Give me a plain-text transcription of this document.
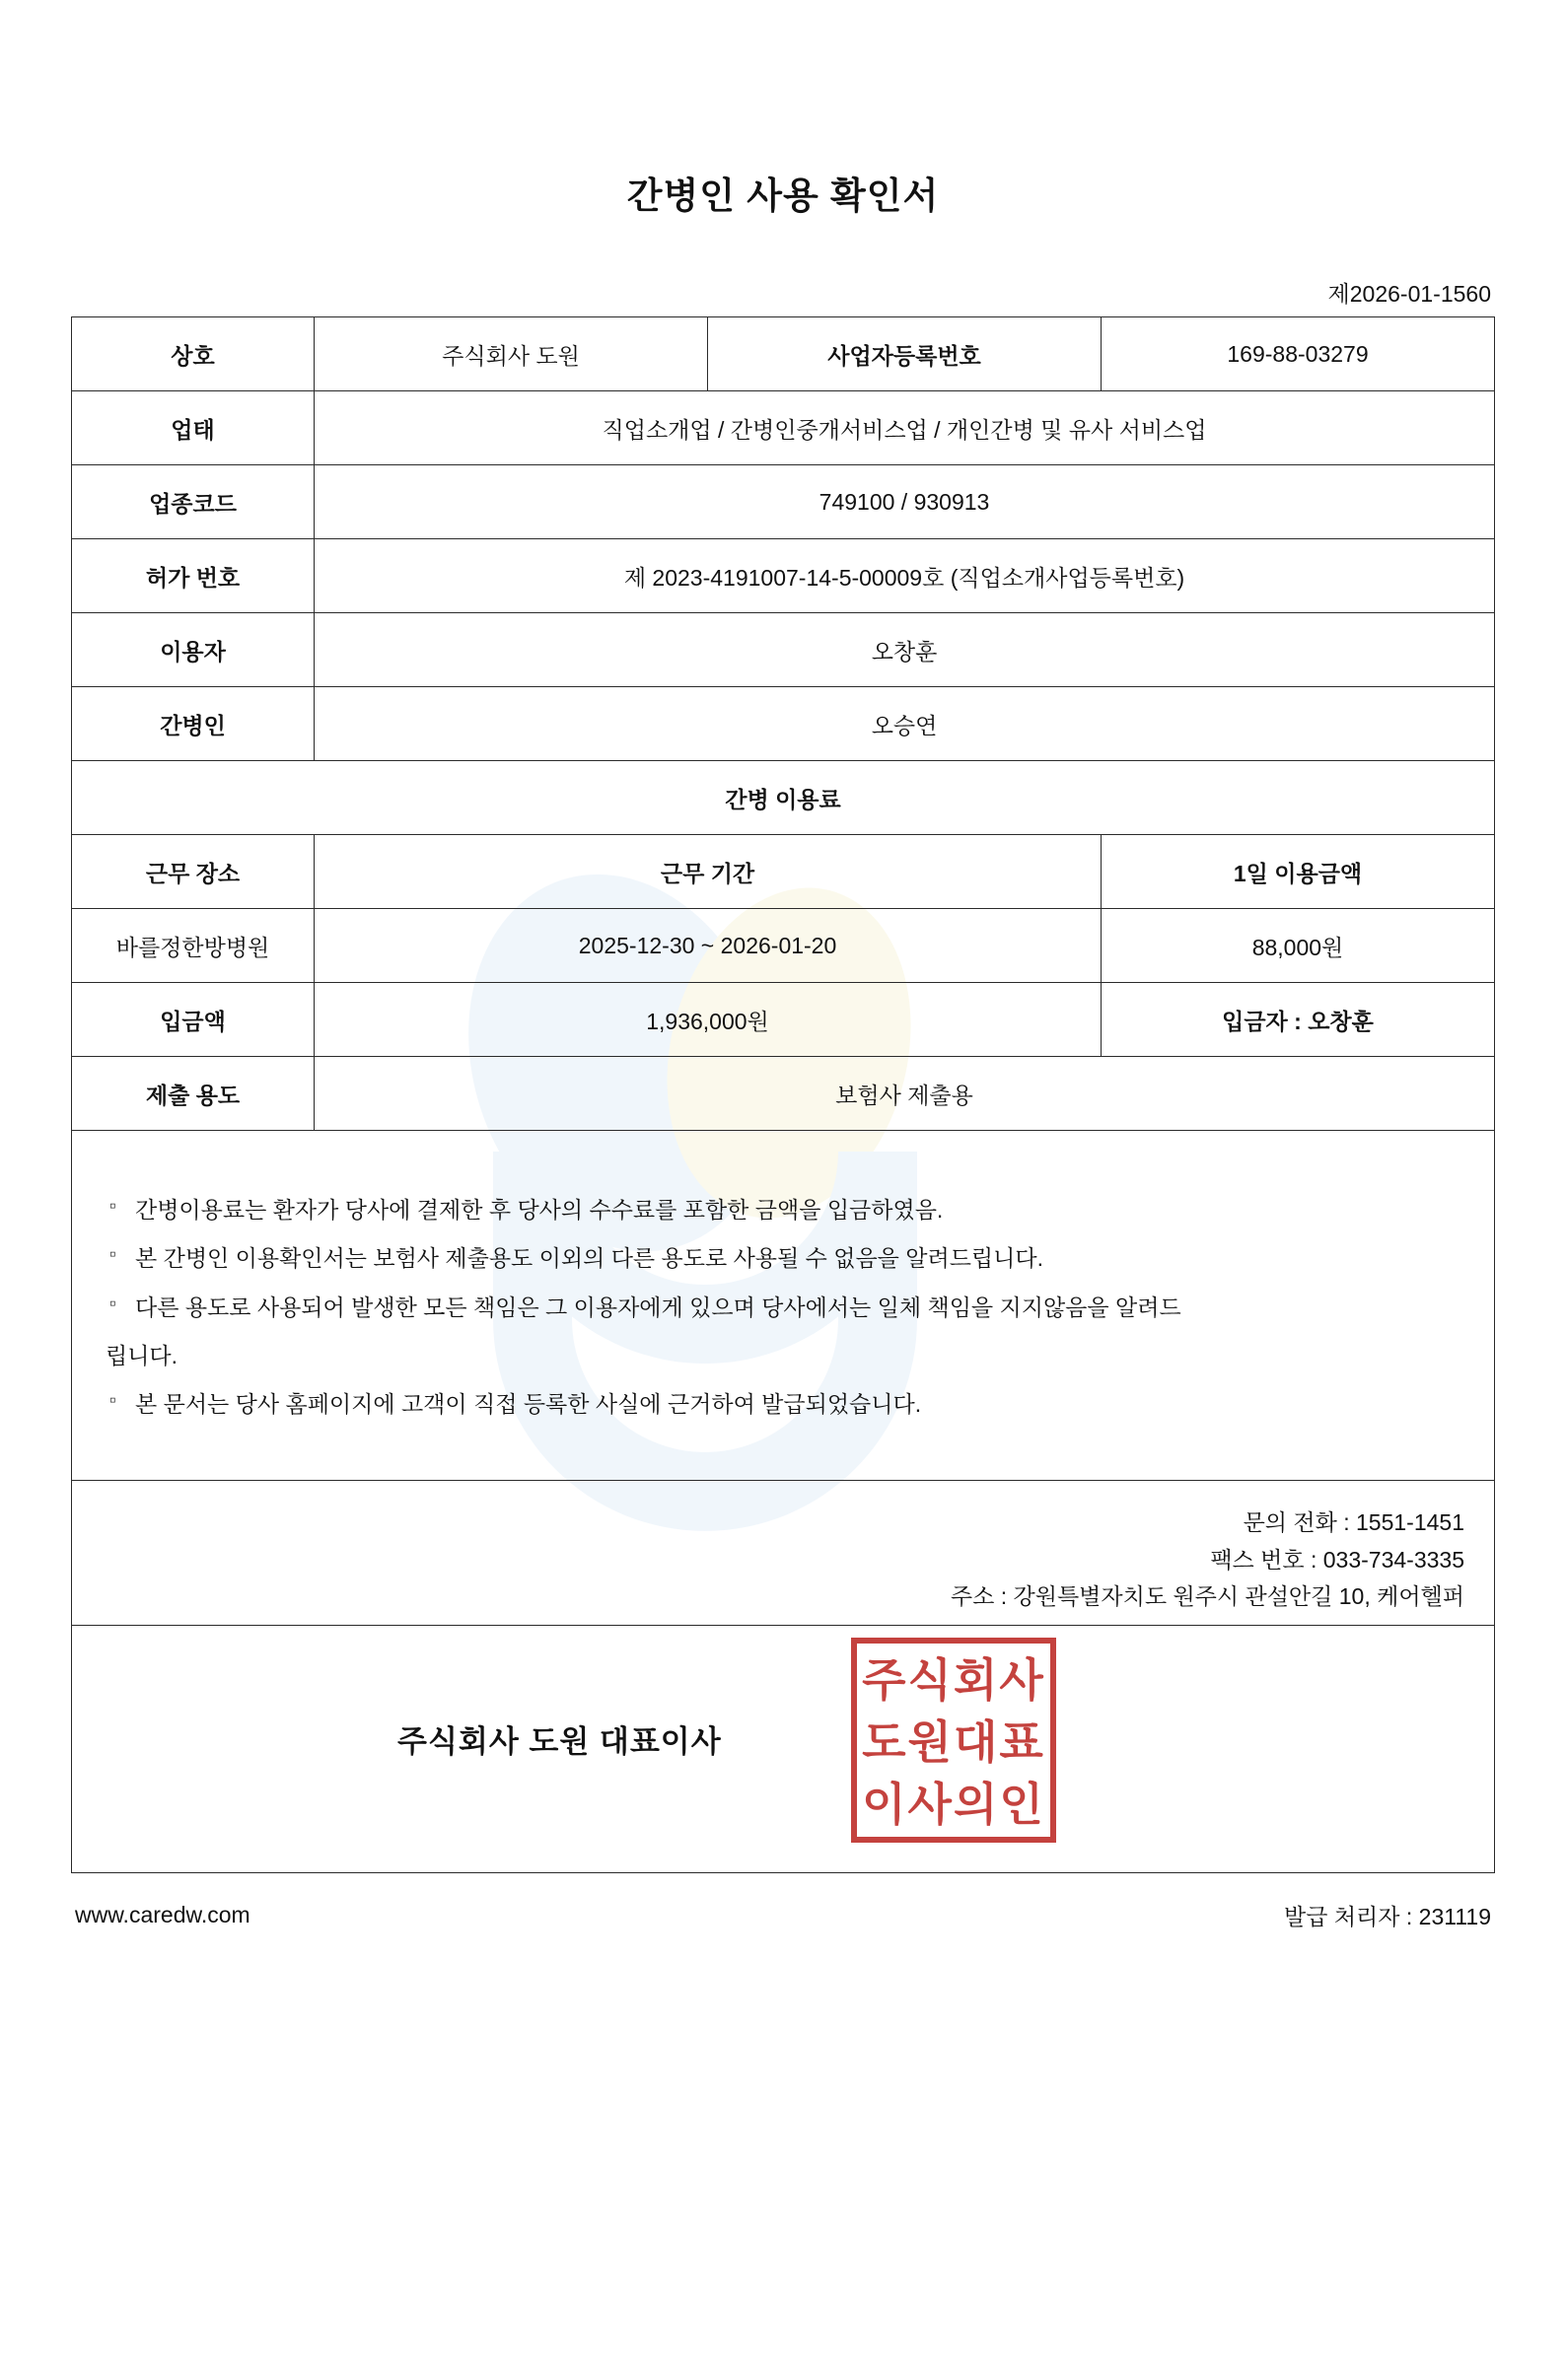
간병인 사용 확인서
제2026-01-1560
상호	주식회사 도원	사업자등록번호	169-88-03279
업태	직업소개업 / 간병인중개서비스업 / 개인간병 및 유사 서비스업		
업종코드	749100 / 930913		
허가 번호	제 2023-4191007-14-5-00009호 (직업소개사업등록번호)		
이용자	오창훈		
간병인	오승연		
간병 이용료			
근무 장소	근무 기간		1일 이용금액
바를정한방병원	2025-12-30 ~ 2026-01-20		88,000원
입금액	1,936,000원		입금자 : 오창훈
제출 용도	보험사 제출용		

▫ 간병이용료는 환자가 당사에 결제한 후 당사의 수수료를 포함한 금액을 입금하였음.
▫ 본 간병인 이용확인서는 보험사 제출용도 이외의 다른 용도로 사용될 수 없음을 알려드립니다.
▫ 다른 용도로 사용되어 발생한 모든 책임은 그 이용자에게 있으며 당사에서는 일체 책임을 지지않음을 알려드
립니다.
▫ 본 문서는 당사 홈페이지에 고객이 직접 등록한 사실에 근거하여 발급되었습니다.

문의 전화 : 1551-1451
팩스 번호 : 033-734-3335
주소 : 강원특별자치도 원주시 관설안길 10, 케어헬퍼			

주식회사 도원 대표이사
주식회사
도원대표
이사의인			
www.caredw.com	발급 처리자 : 231119
